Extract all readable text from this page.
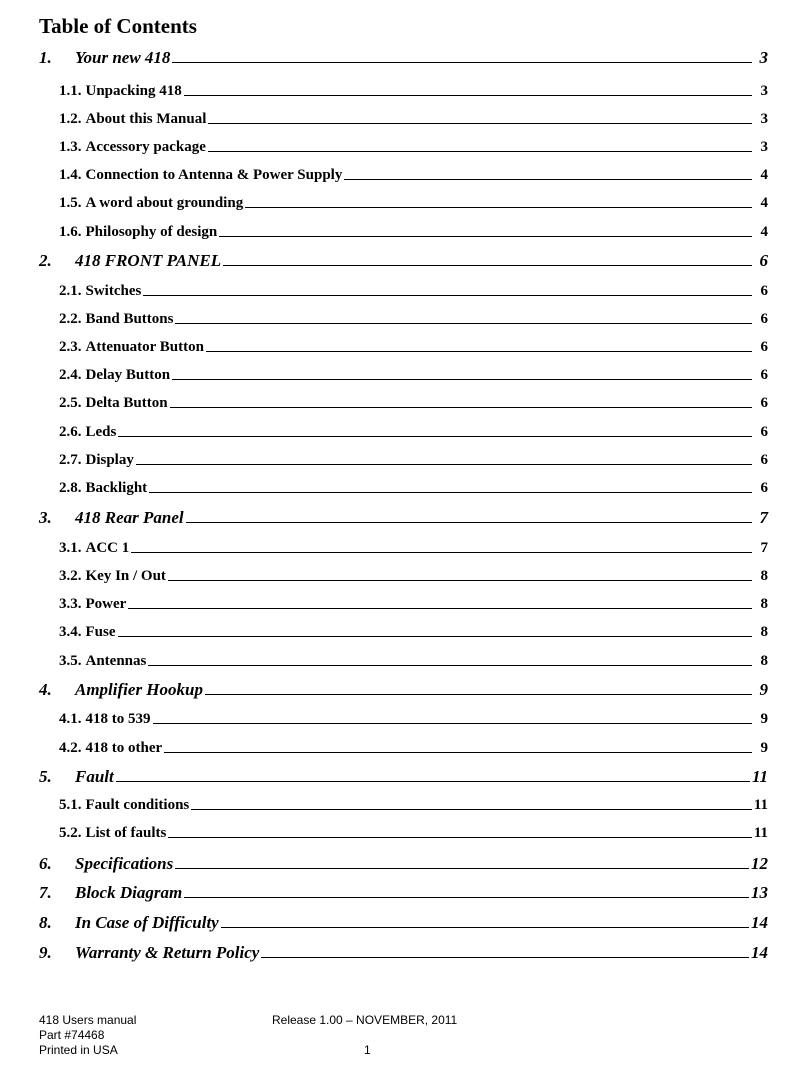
Table of Contents
1.	Your new 418	3
1.1. Unpacking 418	3
1.2. About this Manual	3
1.3. Accessory package	3
1.4. Connection to Antenna & Power Supply	4
1.5. A word about grounding	4
1.6. Philosophy of design	4
2.	418 FRONT PANEL	6
2.1. Switches	6
2.2. Band Buttons	6
2.3. Attenuator Button	6
2.4. Delay Button	6
2.5. Delta Button	6
2.6. Leds	6
2.7. Display	6
2.8. Backlight	6
3.	418 Rear Panel	7
3.1. ACC 1	7
3.2. Key In / Out	8
3.3. Power	8
3.4. Fuse	8
3.5. Antennas	8
4.	Amplifier Hookup	9
4.1. 418 to 539	9
4.2. 418 to other	9
5.	Fault	11
5.1. Fault conditions	11
5.2. List of faults	11
6.	Specifications	12
7.	Block Diagram	13
8.	In Case of Difficulty	14
9.	Warranty & Return Policy	14
418 Users manual
Part #74468
Printed in USA
Release 1.00 – NOVEMBER, 2011
1
